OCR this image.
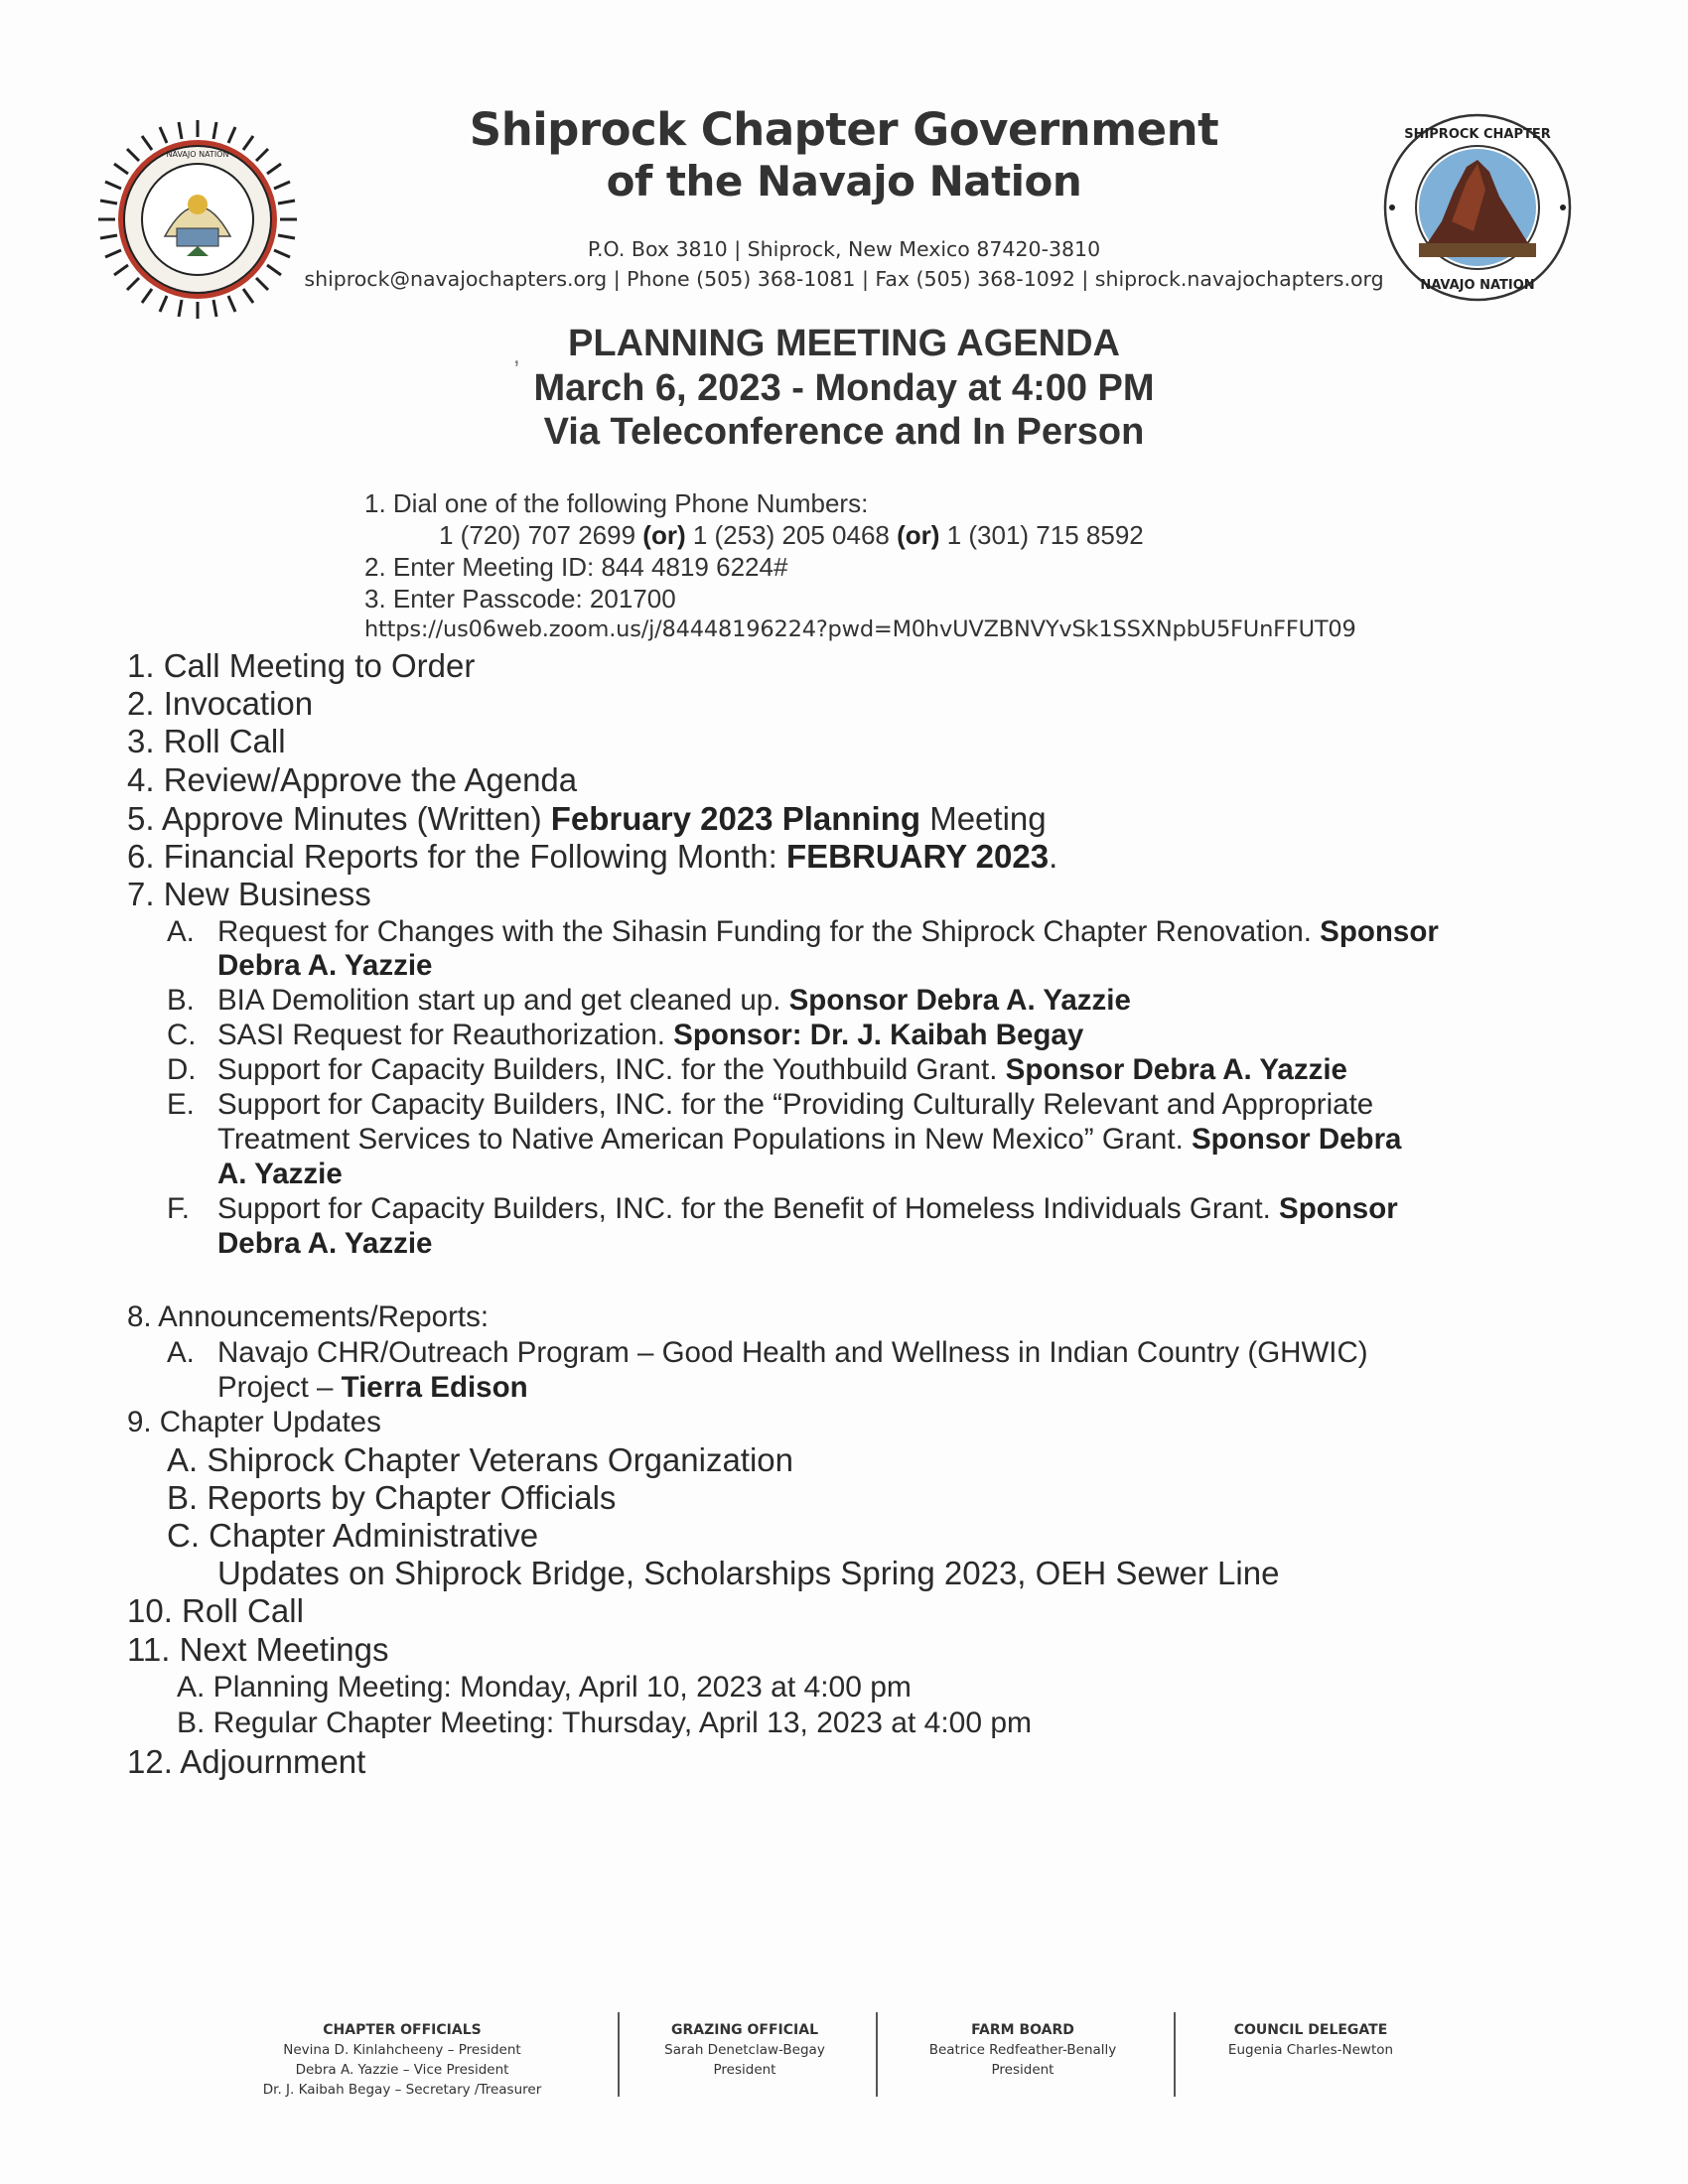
NAVAJO NATION
SHIPROCK CHAPTER
NAVAJO NATION
Shiprock Chapter Government
of the Navajo Nation
P.O. Box 3810 | Shiprock, New Mexico 87420-3810
shiprock@navajochapters.org | Phone (505) 368-1081 | Fax (505) 368-1092 | shiprock.navajochapters.org
,	PLANNING MEETING AGENDA
March 6, 2023 - Monday at 4:00 PM
Via Teleconference and In Person
1. Dial one of the following Phone Numbers:
1 (720) 707 2699 (or) 1 (253) 205 0468 (or) 1 (301) 715 8592
2. Enter Meeting ID: 844 4819 6224#
3. Enter Passcode: 201700
https://us06web.zoom.us/j/84448196224?pwd=M0hvUVZBNVYvSk1SSXNpbU5FUnFFUT09
1. Call Meeting to Order
2. Invocation
3. Roll Call
4. Review/Approve the Agenda
5. Approve Minutes (Written) February 2023 Planning Meeting
6. Financial Reports for the Following Month: FEBRUARY 2023.
7. New Business
A. Request for Changes with the Sihasin Funding for the Shiprock Chapter Renovation. Sponsor
Debra A. Yazzie
B. BIA Demolition start up and get cleaned up. Sponsor Debra A. Yazzie
C. SASI Request for Reauthorization. Sponsor: Dr. J. Kaibah Begay
D. Support for Capacity Builders, INC. for the Youthbuild Grant. Sponsor Debra A. Yazzie
E. Support for Capacity Builders, INC. for the “Providing Culturally Relevant and Appropriate
Treatment Services to Native American Populations in New Mexico” Grant. Sponsor Debra
A. Yazzie
F. Support for Capacity Builders, INC. for the Benefit of Homeless Individuals Grant. Sponsor
Debra A. Yazzie
8. Announcements/Reports:
A. Navajo CHR/Outreach Program – Good Health and Wellness in Indian Country (GHWIC)
Project – Tierra Edison
9. Chapter Updates
A. Shiprock Chapter Veterans Organization
B. Reports by Chapter Officials
C. Chapter Administrative
Updates on Shiprock Bridge, Scholarships Spring 2023, OEH Sewer Line
10. Roll Call
11. Next Meetings
A. Planning Meeting: Monday, April 10, 2023 at 4:00 pm
B. Regular Chapter Meeting: Thursday, April 13, 2023 at 4:00 pm
12. Adjournment
CHAPTER OFFICIALS
Nevina D. Kinlahcheeny – President
Debra A. Yazzie – Vice President
Dr. J. Kaibah Begay – Secretary /Treasurer
GRAZING OFFICIAL
Sarah Denetclaw-Begay
President
FARM BOARD
Beatrice Redfeather-Benally
President
COUNCIL DELEGATE
Eugenia Charles-Newton
